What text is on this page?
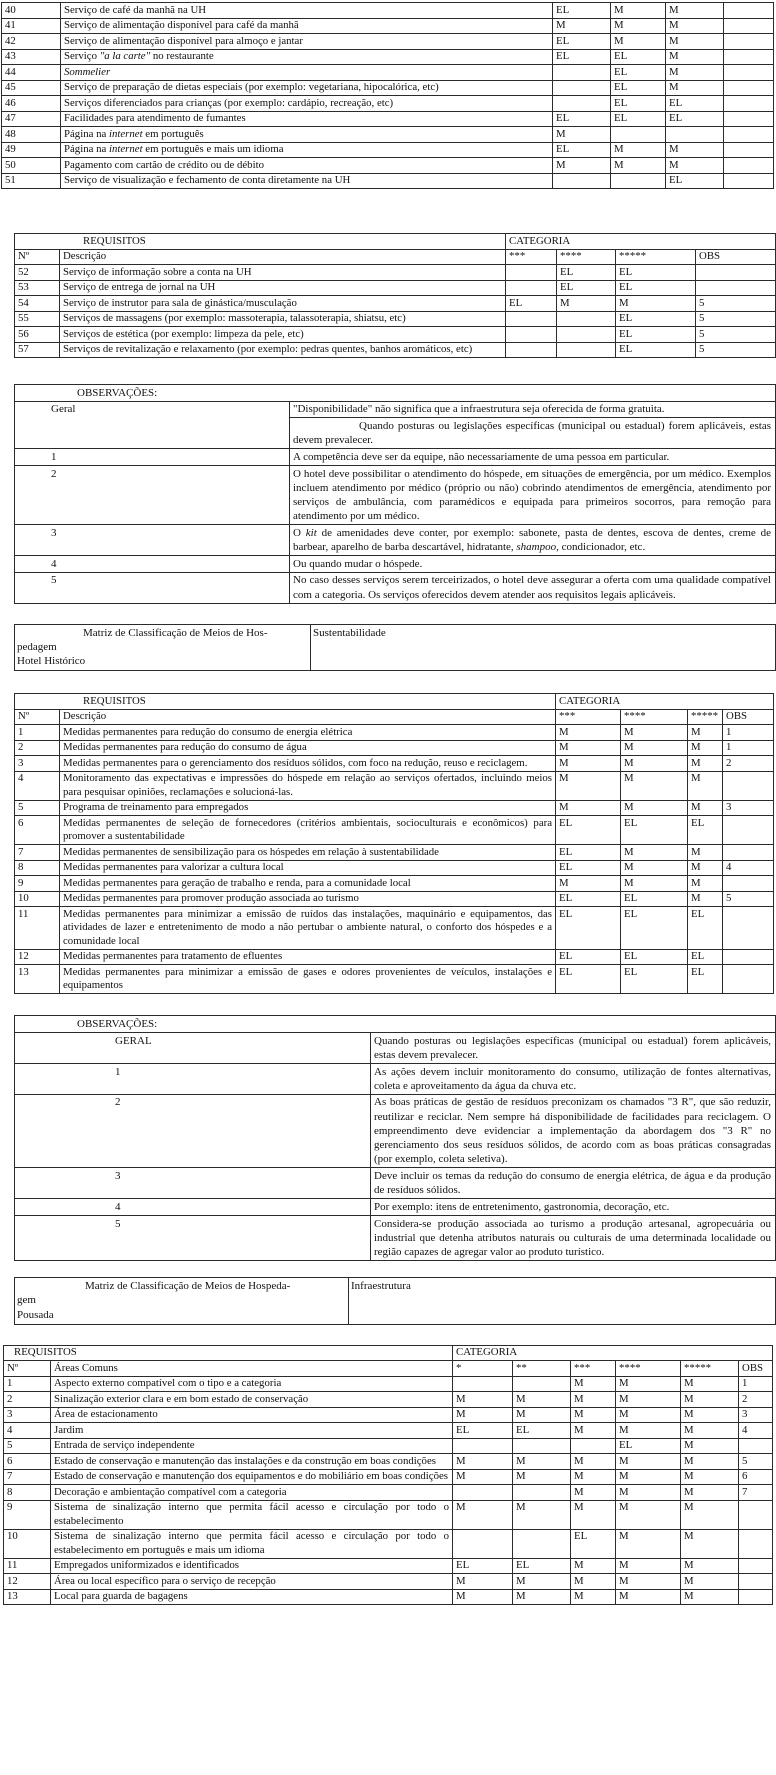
40	Serviço de café da manhã na UH	EL	M	M	
41	Serviço de alimentação disponível para café da manhã	M	M	M	
42	Serviço de alimentação disponível para almoço e jantar	EL	M	M	
43	Serviço "a la carte" no restaurante	EL	EL	M	
44	Sommelier		EL	M	
45	Serviço de preparação de dietas especiais (por exemplo: vegetariana, hipocalórica, etc)		EL	M	
46	Serviços diferenciados para crianças (por exemplo: cardápio, recreação, etc)		EL	EL	
47	Facilidades para atendimento de fumantes	EL	EL	EL	
48	Página na internet em português	M			
49	Página na internet em português e mais um idioma	EL	M	M	
50	Pagamento com cartão de crédito ou de débito	M	M	M	
51	Serviço de visualização e fechamento de conta diretamente na UH			EL	
REQUISITOS		CATEGORIA			
Nº	Descrição	***	****	*****	OBS
52	Serviço de informação sobre a conta na UH		EL	EL	
53	Serviço de entrega de jornal na UH		EL	EL	
54	Serviço de instrutor para sala de ginástica/musculação	EL	M	M	5
55	Serviços de massagens (por exemplo: massoterapia, talassoterapia, shiatsu, etc)			EL	5
56	Serviços de estética (por exemplo: limpeza da pele, etc)			EL	5
57	Serviços de revitalização e relaxamento (por exemplo: pedras quentes, banhos aromáticos, etc)			EL	5
OBSERVAÇÕES:	
Geral	"Disponibilidade" não significa que a infraestrutura seja oferecida de forma gratuita.
	Quando posturas ou legislações específicas (municipal ou estadual) forem aplicáveis, estas devem prevalecer.
1	A competência deve ser da equipe, não necessariamente de uma pessoa em particular.
2	O hotel deve possibilitar o atendimento do hóspede, em situações de emergência, por um médico. Exemplos incluem atendimento por médico (próprio ou não) cobrindo atendimentos de emergência, atendimento por serviços de ambulância, com paramédicos e equipada para primeiros socorros, para remoção para atendimento por um médico.
3	O kit de amenidades deve conter, por exemplo: sabonete, pasta de dentes, escova de dentes, creme de barbear, aparelho de barba descartável, hidratante, shampoo, condicionador, etc.
4	Ou quando mudar o hóspede.
5	No caso desses serviços serem terceirizados, o hotel deve assegurar a oferta com uma qualidade compatível com a categoria. Os serviços oferecidos devem atender aos requisitos legais aplicáveis.
Matriz de Classificação de Meios de Hos-
pedagem
Hotel Histórico
	Sustentabilidade
REQUISITOS		CATEGORIA			
Nº	Descrição	***	****	*****	OBS
1	Medidas permanentes para redução do consumo de energia elétrica	M	M	M	1
2	Medidas permanentes para redução do consumo de água	M	M	M	1
3	Medidas permanentes para o gerenciamento dos resíduos sólidos, com foco na redução, reuso e reciclagem.	M	M	M	2
4	Monitoramento das expectativas e impressões do hóspede em relação ao serviços ofertados, incluindo meios para pesquisar opiniões, reclamações e solucioná-las.	M	M	M	
5	Programa de treinamento para empregados	M	M	M	3
6	Medidas permanentes de seleção de fornecedores (critérios ambientais, socioculturais e econômicos) para promover a sustentabilidade	EL	EL	EL	
7	Medidas permanentes de sensibilização para os hóspedes em relação à sustentabilidade	EL	M	M	
8	Medidas permanentes para valorizar a cultura local	EL	M	M	4
9	Medidas permanentes para geração de trabalho e renda, para a comunidade local	M	M	M	
10	Medidas permanentes para promover produção associada ao turismo	EL	EL	M	5
11	Medidas permanentes para minimizar a emissão de ruídos das instalações, maquinário e equipamentos, das atividades de lazer e entretenimento de modo a não pertubar o ambiente natural, o conforto dos hóspedes e a comunidade local	EL	EL	EL	
12	Medidas permanentes para tratamento de efluentes	EL	EL	EL	
13	Medidas permanentes para minimizar a emissão de gases e odores provenientes de veículos, instalações e equipamentos	EL	EL	EL	
OBSERVAÇÕES:	
GERAL	Quando posturas ou legislações específicas (municipal ou estadual) forem aplicáveis, estas devem prevalecer.
1	As ações devem incluir monitoramento do consumo, utilização de fontes alternativas, coleta e aproveitamento da água da chuva etc.
2	As boas práticas de gestão de resíduos preconizam os chamados "3 R", que são reduzir, reutilizar e reciclar. Nem sempre há disponibilidade de facilidades para reciclagem. O empreendimento deve evidenciar a implementação da abordagem dos "3 R" no gerenciamento dos seus resíduos sólidos, de acordo com as boas práticas consagradas (por exemplo, coleta seletiva).
3	Deve incluir os temas da redução do consumo de energia elétrica, de água e da produção de resíduos sólidos.
4	Por exemplo: itens de entretenimento, gastronomia, decoração, etc.
5	Considera-se produção associada ao turismo a produção artesanal, agropecuária ou industrial que detenha atributos naturais ou culturais de uma determinada localidade ou região capazes de agregar valor ao produto turístico.
Matriz de Classificação de Meios de Hospeda-
gem
Pousada
	Infraestrutura
REQUISITOS		CATEGORIA					
Nº	Áreas Comuns	*	**	***	****	*****	OBS
1	Aspecto externo compatível com o tipo e a categoria			M	M	M	1
2	Sinalização exterior clara e em bom estado de conservação	M	M	M	M	M	2
3	Área de estacionamento	M	M	M	M	M	3
4	Jardim	EL	EL	M	M	M	4
5	Entrada de serviço independente				EL	M	
6	Estado de conservação e manutenção das instalações e da construção em boas condições	M	M	M	M	M	5
7	Estado de conservação e manutenção dos equipamentos e do mobiliário em boas condições	M	M	M	M	M	6
8	Decoração e ambientação compatível com a categoria			M	M	M	7
9	Sistema de sinalização interno que permita fácil acesso e circulação por todo o estabelecimento	M	M	M	M	M	
10	Sistema de sinalização interno que permita fácil acesso e circulação por todo o estabelecimento em português e mais um idioma			EL	M	M	
11	Empregados uniformizados e identificados	EL	EL	M	M	M	
12	Área ou local específico para o serviço de recepção	M	M	M	M	M	
13	Local para guarda de bagagens	M	M	M	M	M	
